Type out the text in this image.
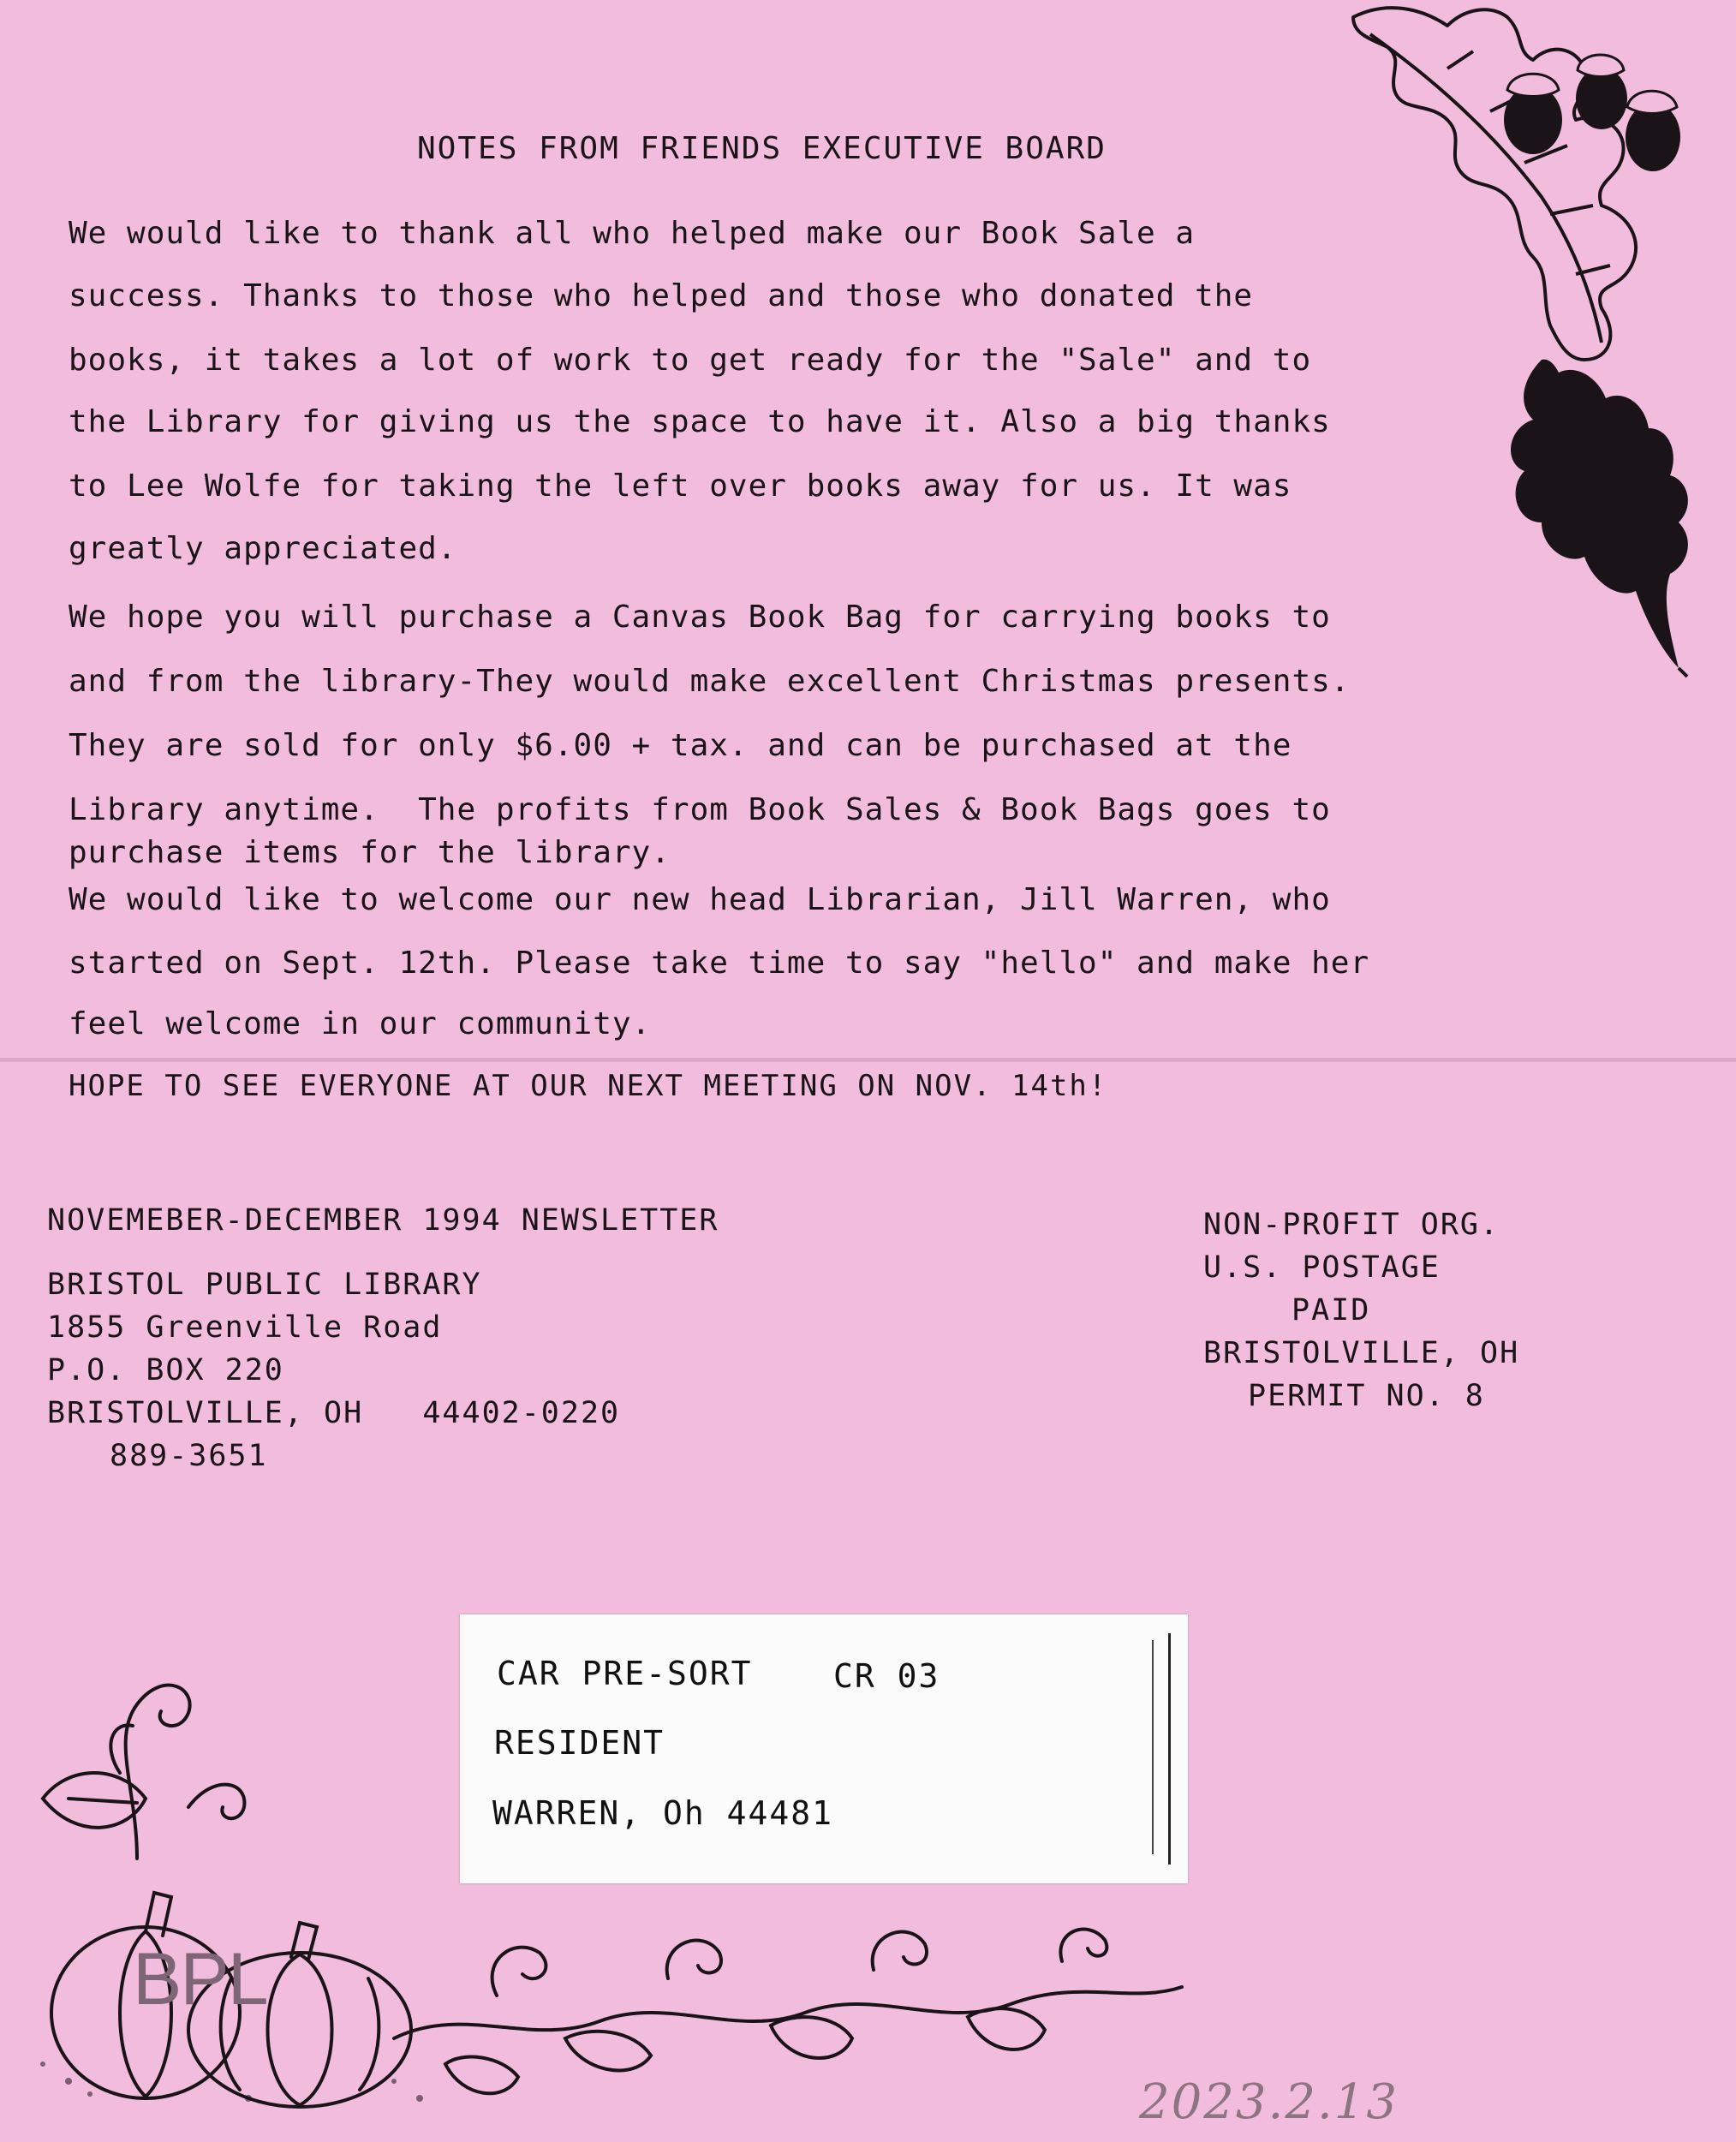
NOTES FROM FRIENDS EXECUTIVE BOARD
We would like to thank all who helped make our Book Sale a
success. Thanks to those who helped and those who donated the
books, it takes a lot of work to get ready for the "Sale" and to
the Library for giving us the space to have it. Also a big thanks
to Lee Wolfe for taking the left over books away for us. It was
greatly appreciated.
We hope you will purchase a Canvas Book Bag for carrying books to
and from the library-They would make excellent Christmas presents.
They are sold for only $6.00 + tax. and can be purchased at the
Library anytime.  The profits from Book Sales & Book Bags goes to
purchase items for the library.
We would like to welcome our new head Librarian, Jill Warren, who
started on Sept. 12th. Please take time to say "hello" and make her
feel welcome in our community.
HOPE TO SEE EVERYONE AT OUR NEXT MEETING ON NOV. 14th!
NOVEMEBER-DECEMBER 1994 NEWSLETTER
BRISTOL PUBLIC LIBRARY
1855 Greenville Road
P.O. BOX 220
BRISTOLVILLE, OH   44402-0220
889-3651
NON-PROFIT ORG.
U.S. POSTAGE
PAID
BRISTOLVILLE, OH
PERMIT NO. 8
CAR PRE-SORT CR 03
RESIDENT
WARREN, Oh 44481
BPL
2023.2.13
